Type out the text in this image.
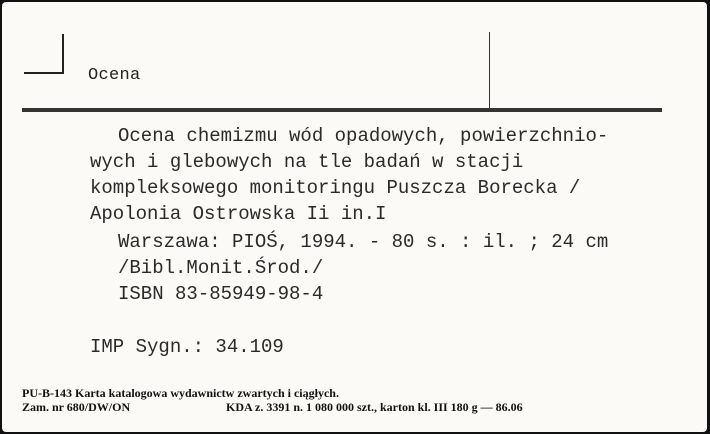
Ocena
Ocena chemizmu wód opadowych, powierzchnio-
wych i glebowych na tle badań w stacji
kompleksowego monitoringu Puszcza Borecka /
Apolonia Ostrowska Ii in.I
Warszawa: PIOŚ, 1994. - 80 s. : il. ; 24 cm
/Bibl.Monit.Środ./
ISBN 83-85949-98-4
IMP Sygn.: 34.109
PU-B-143 Karta katalogowa wydawnictw zwartych i ciągłych.
Zam. nr 680/DW/ON	KDA z. 3391 n. 1 080 000 szt., karton kl. III 180 g — 86.06
